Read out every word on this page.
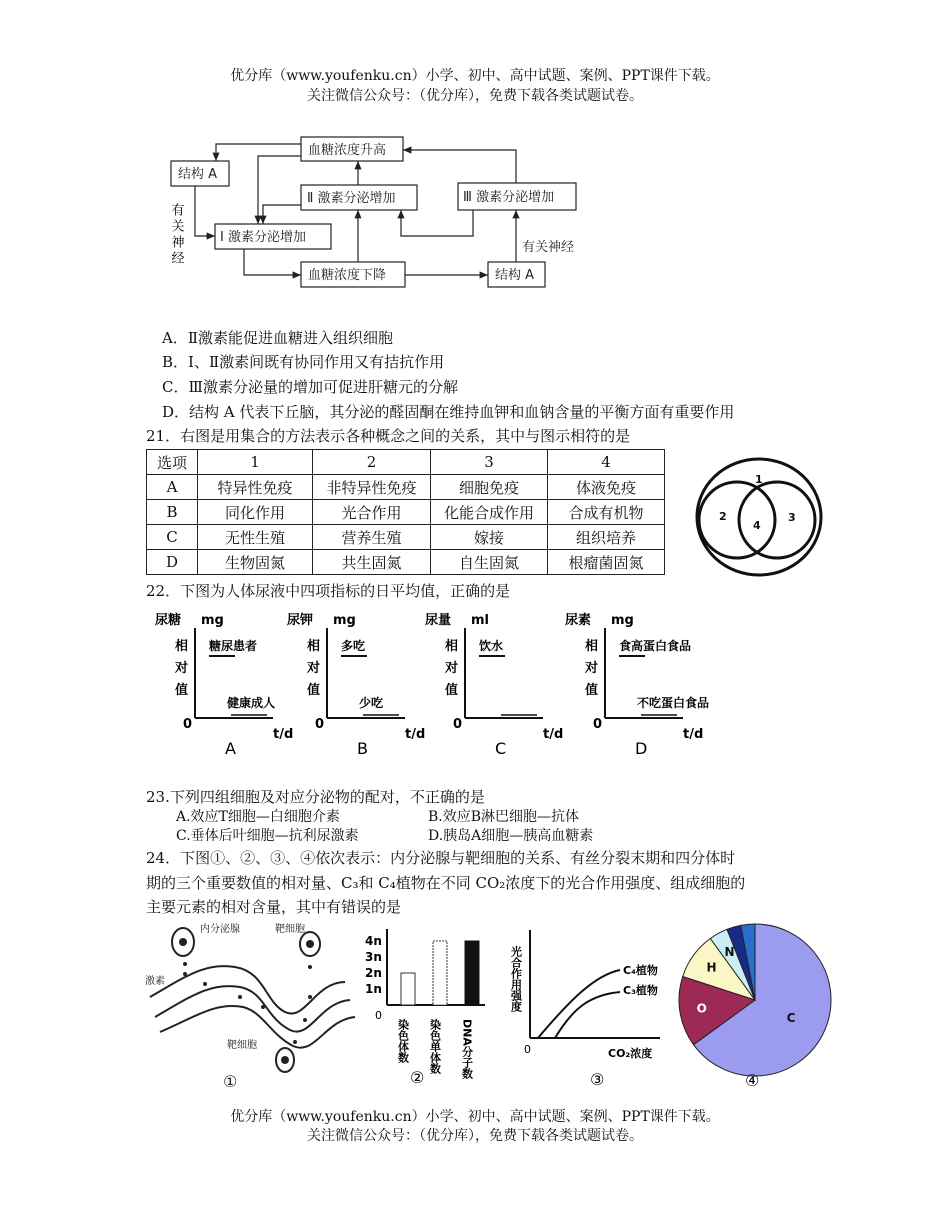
优分库（www.youfenku.cn）小学、初中、高中试题、案例、PPT课件下载。
关注微信公众号：（优分库），免费下载各类试题试卷。
血糖浓度升高
结构 A
Ⅱ 激素分泌增加	Ⅲ 激素分泌增加
Ⅰ 激素分泌增加
血糖浓度下降	结构 A
有关神经
有关神经
A．Ⅱ激素能促进血糖进入组织细胞
B．Ⅰ、Ⅱ激素间既有协同作用又有拮抗作用
C．Ⅲ激素分泌量的增加可促进肝糖元的分解
D．结构 A 代表下丘脑，其分泌的醛固酮在维持血钾和血钠含量的平衡方面有重要作用
21．右图是用集合的方法表示各种概念之间的关系，其中与图示相符的是
选项	1	2	3	4
A	特异性免疫	非特异性免疫	细胞免疫	体液免疫
B	同化作用	光合作用	化能合成作用	合成有机物
C	无性生殖	营养生殖	嫁接	组织培养
D	生物固氮	共生固氮	自生固氮	根瘤菌固氮
1
2
4
3
22．下图为人体尿液中四项指标的日平均值，正确的是
尿糖 mg
相
对
值
0
t/d
糖尿患者
健康成人
A
尿钾 mg
相
对
值
0
t/d
多吃
少吃
B
尿量 ml
相
对
值
0
t/d
饮水
C
尿素 mg
相
对
值
0
t/d
食高蛋白食品
不吃蛋白食品
D
23.下列四组细胞及对应分泌物的配对，不正确的是
A.效应T细胞—白细胞介素	B.效应B淋巴细胞—抗体
C.垂体后叶细胞—抗利尿激素	D.胰岛A细胞—胰高血糖素
24．下图①、②、③、④依次表示：内分泌腺与靶细胞的关系、有丝分裂末期和四分体时
期的三个重要数值的相对量、C₃和 C₄植物在不同 CO₂浓度下的光合作用强度、组成细胞的
主要元素的相对含量，其中有错误的是
内分泌腺	靶细胞
激素
靶细胞
①
4n
3n
2n
1n
0
染色体数 染色单体数 DNA分子数
②
光合作用强度	C₄植物
C₃植物
0	CO₂浓度
③
C
O
H
N
④
优分库（www.youfenku.cn）小学、初中、高中试题、案例、PPT课件下载。
关注微信公众号：（优分库），免费下载各类试题试卷。
